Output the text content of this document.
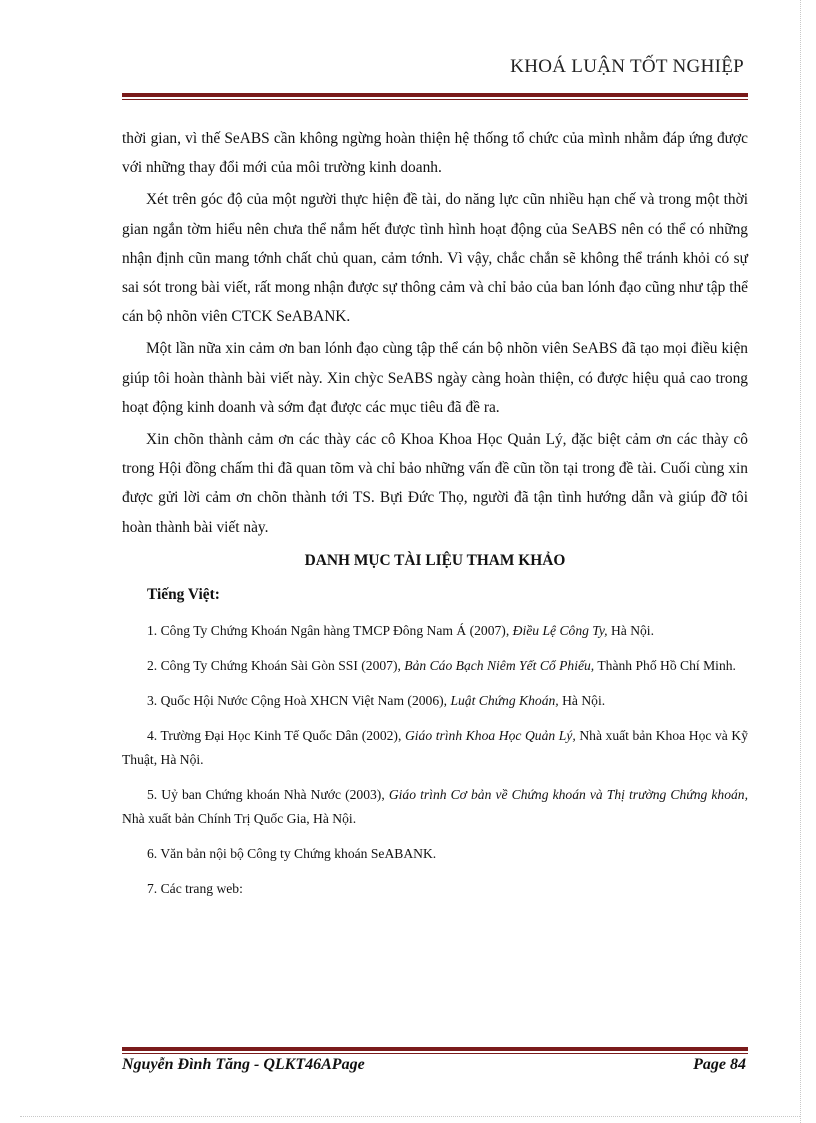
KHOÁ LUẬN TỐT NGHIỆP

thời gian, vì thế SeABS cần không ngừng hoàn thiện hệ thống tổ chức của mình nhằm đáp ứng được với những thay đổi mới của môi trường kinh doanh.

Xét trên góc độ của một người thực hiện đề tài, do năng lực cũn nhiều hạn chế và trong một thời gian ngắn tờm hiểu nên chưa thể nắm hết được tình hình hoạt động của SeABS nên có thể có những nhận định cũn mang tớnh chất chủ quan, cảm tớnh. Vì vậy, chắc chắn sẽ không thể tránh khỏi có sự sai sót trong bài viết, rất mong nhận được sự thông cảm và chỉ bảo của ban lónh đạo cũng như tập thể cán bộ nhõn viên CTCK SeABANK.

Một lần nữa xin cảm ơn ban lónh đạo cùng tập thể cán bộ nhõn viên SeABS đã tạo mọi điều kiện giúp tôi hoàn thành bài viết này. Xin chỳc SeABS ngày càng hoàn thiện, có được hiệu quả cao trong hoạt động kinh doanh và sớm đạt được các mục tiêu đã đề ra.

Xin chõn thành cảm ơn các thày các cô Khoa Khoa Học Quản Lý, đặc biệt cảm ơn các thày cô trong Hội đồng chấm thi đã quan tõm và chỉ bảo những vấn đề cũn tồn tại trong đề tài. Cuối cùng xin được gửi lời cảm ơn chõn thành tới TS. Bựi Đức Thọ, người đã tận tình hướng dẫn và giúp đỡ tôi hoàn thành bài viết này.

DANH MỤC TÀI LIỆU THAM KHẢO
Tiếng Việt:

1. Công Ty Chứng Khoán Ngân hàng TMCP Đông Nam Á (2007), Điều Lệ Công Ty, Hà Nội.

2. Công Ty Chứng Khoán Sài Gòn SSI (2007), Bản Cáo Bạch Niêm Yết Cổ Phiếu, Thành Phố Hồ Chí Minh.

3. Quốc Hội Nước Cộng Hoà XHCN Việt Nam (2006), Luật Chứng Khoán, Hà Nội.

4. Trường Đại Học Kinh Tế Quốc Dân (2002), Giáo trình Khoa Học Quản Lý, Nhà xuất bản Khoa Học và Kỹ Thuật, Hà Nội.

5. Uỷ ban Chứng khoán Nhà Nước (2003), Giáo trình Cơ bản về Chứng khoán và Thị trường Chứng khoán, Nhà xuất bản Chính Trị Quốc Gia, Hà Nội.

6. Văn bản nội bộ Công ty Chứng khoán SeABANK.

7. Các trang web:

Nguyễn Đình Tăng - QLKT46APage	Page 84
